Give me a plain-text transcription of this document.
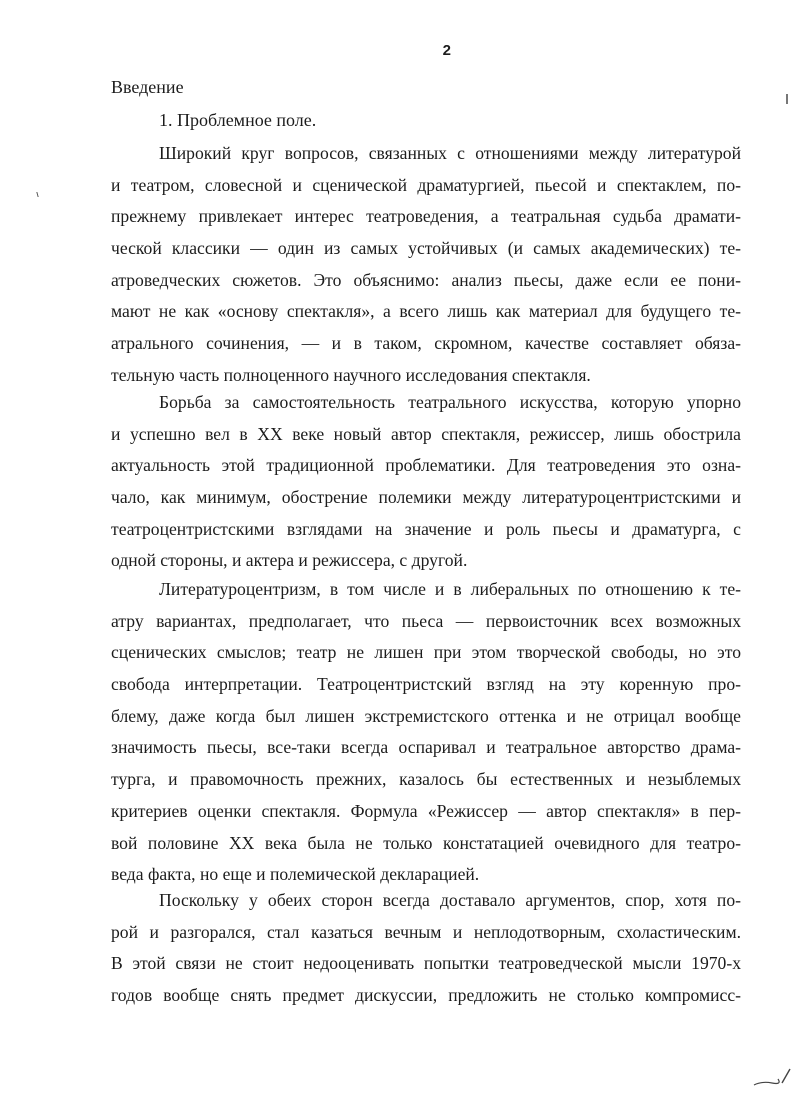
2
Введение
1. Проблемное поле.
Широкий круг вопросов, связанных с отношениями между литературой
и театром, словесной и сценической драматургией, пьесой и спектаклем, по-
прежнему привлекает интерес театроведения, а театральная судьба драмати-
ческой классики — один из самых устойчивых (и самых академических) те-
атроведческих сюжетов. Это объяснимо: анализ пьесы, даже если ее пони-
мают не как «основу спектакля», а всего лишь как материал для будущего те-
атрального сочинения, — и в таком, скромном, качестве составляет обяза-
тельную часть полноценного научного исследования спектакля.
Борьба за самостоятельность театрального искусства, которую упорно
и успешно вел в XX веке новый автор спектакля, режиссер, лишь обострила
актуальность этой традиционной проблематики. Для театроведения это озна-
чало, как минимум, обострение полемики между литературоцентристскими и
театроцентристскими взглядами на значение и роль пьесы и драматурга, с
одной стороны, и актера и режиссера, с другой.
Литературоцентризм, в том числе и в либеральных по отношению к те-
атру вариантах, предполагает, что пьеса — первоисточник всех возможных
сценических смыслов; театр не лишен при этом творческой свободы, но это
свобода интерпретации. Театроцентристский взгляд на эту коренную про-
блему, даже когда был лишен экстремистского оттенка и не отрицал вообще
значимость пьесы, все-таки всегда оспаривал и театральное авторство драма-
турга, и правомочность прежних, казалось бы естественных и незыблемых
критериев оценки спектакля. Формула «Режиссер — автор спектакля» в пер-
вой половине XX века была не только констатацией очевидного для театро-
веда факта, но еще и полемической декларацией.
Поскольку у обеих сторон всегда доставало аргументов, спор, хотя по-
рой и разгорался, стал казаться вечным и неплодотворным, схоластическим.
В этой связи не стоит недооценивать попытки театроведческой мысли 1970-х
годов вообще снять предмет дискуссии, предложить не столько компромисс-
